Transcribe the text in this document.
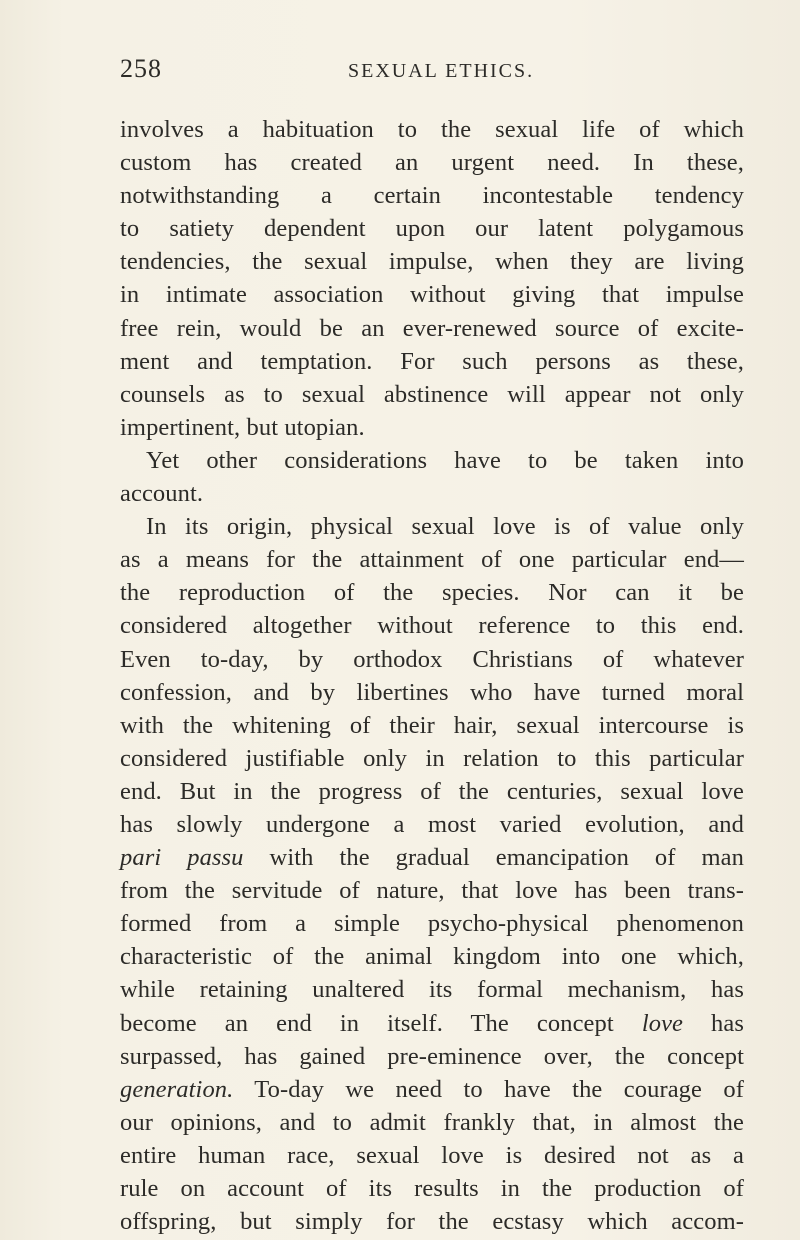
258	SEXUAL ETHICS.
involves a habituation to the sexual life of which
custom has created an urgent need. In these,
notwithstanding a certain incontestable tendency
to satiety dependent upon our latent polygamous
tendencies, the sexual impulse, when they are living
in intimate association without giving that impulse
free rein, would be an ever-renewed source of excite-
ment and temptation. For such persons as these,
counsels as to sexual abstinence will appear not only
impertinent, but utopian.
Yet other considerations have to be taken into
account.
In its origin, physical sexual love is of value only
as a means for the attainment of one particular end—
the reproduction of the species. Nor can it be
considered altogether without reference to this end.
Even to-day, by orthodox Christians of whatever
confession, and by libertines who have turned moral
with the whitening of their hair, sexual intercourse is
considered justifiable only in relation to this particular
end. But in the progress of the centuries, sexual love
has slowly undergone a most varied evolution, and
pari passu with the gradual emancipation of man
from the servitude of nature, that love has been trans-
formed from a simple psycho-physical phenomenon
characteristic of the animal kingdom into one which,
while retaining unaltered its formal mechanism, has
become an end in itself. The concept love has
surpassed, has gained pre-eminence over, the concept
generation. To-day we need to have the courage of
our opinions, and to admit frankly that, in almost the
entire human race, sexual love is desired not as a
rule on account of its results in the production of
offspring, but simply for the ecstasy which accom-
